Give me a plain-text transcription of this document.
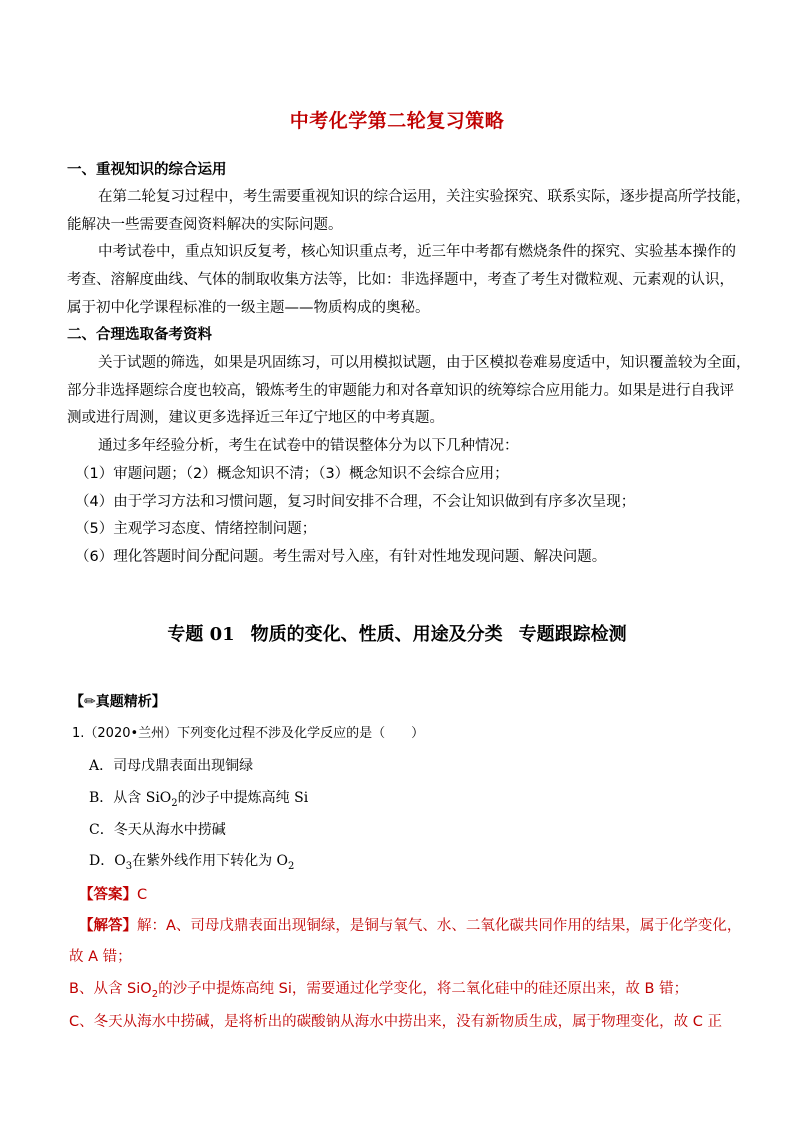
中考化学第二轮复习策略
一、重视知识的综合运用
在第二轮复习过程中，考生需要重视知识的综合运用，关注实验探究、联系实际，逐步提高所学技能，
能解决一些需要查阅资料解决的实际问题。
中考试卷中，重点知识反复考，核心知识重点考，近三年中考都有燃烧条件的探究、实验基本操作的
考查、溶解度曲线、气体的制取收集方法等，比如：非选择题中，考查了考生对微粒观、元素观的认识，
属于初中化学课程标准的一级主题——物质构成的奥秘。
二、合理选取备考资料
关于试题的筛选，如果是巩固练习，可以用模拟试题，由于区模拟卷难易度适中，知识覆盖较为全面，
部分非选择题综合度也较高，锻炼考生的审题能力和对各章知识的统筹综合应用能力。如果是进行自我评
测或进行周测，建议更多选择近三年辽宁地区的中考真题。
通过多年经验分析，考生在试卷中的错误整体分为以下几种情况：
（1）审题问题；（2）概念知识不清；（3）概念知识不会综合应用；
（4）由于学习方法和习惯问题，复习时间安排不合理，不会让知识做到有序多次呈现；
（5）主观学习态度、情绪控制问题；
（6）理化答题时间分配问题。考生需对号入座，有针对性地发现问题、解决问题。
专题 01 物质的变化、性质、用途及分类 专题跟踪检测
【✏真题精析】
1.（2020•兰州）下列变化过程不涉及化学反应的是（　　）
A．司母戊鼎表面出现铜绿
B．从含 SiO$_2$的沙子中提炼高纯 Si
C．冬天从海水中捞碱
D．$O_3$在紫外线作用下转化为 $O_2$
【答案】C
【解答】解：A、司母戊鼎表面出现铜绿，是铜与氧气、水、二氧化碳共同作用的结果，属于化学变化，
故 A 错；
B、从含 SiO$_2$的沙子中提炼高纯 Si，需要通过化学变化，将二氧化硅中的硅还原出来，故 B 错；
C、冬天从海水中捞碱，是将析出的碳酸钠从海水中捞出来，没有新物质生成，属于物理变化，故 C 正
